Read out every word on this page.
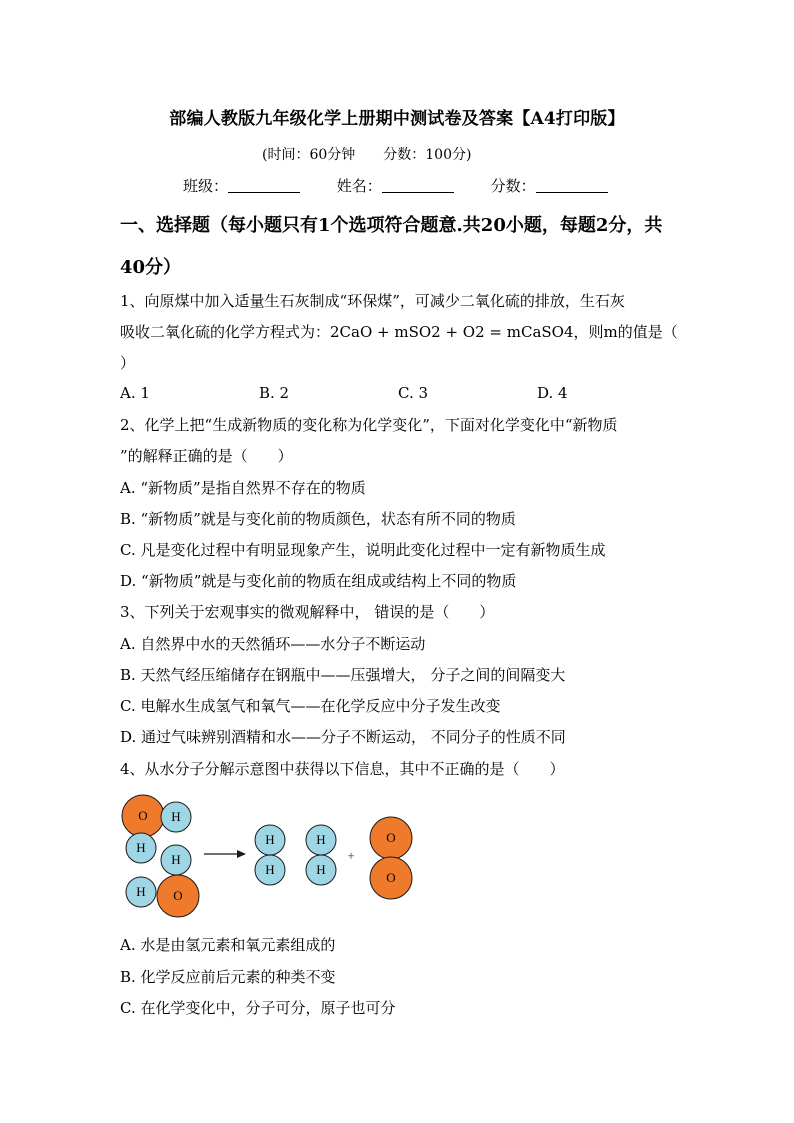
部编人教版九年级化学上册期中测试卷及答案【A4打印版】
(时间：60分钟　　分数：100分)
班级：	姓名：	分数：
一、选择题（每小题只有1个选项符合题意.共20小题，每题2分，共
40分）
1、向原煤中加入适量生石灰制成“环保煤”，可减少二氧化硫的排放，生石灰
吸收二氧化硫的化学方程式为：2CaO + mSO2 + O2 = mCaSO4，则m的值是（
）
A. 1	B. 2	C. 3	D. 4
2、化学上把“生成新物质的变化称为化学变化”，下面对化学变化中“新物质
”的解释正确的是（　　）
A. “新物质”是指自然界不存在的物质
B. “新物质”就是与变化前的物质颜色，状态有所不同的物质
C. 凡是变化过程中有明显现象产生，说明此变化过程中一定有新物质生成
D. “新物质”就是与变化前的物质在组成或结构上不同的物质
3、下列关于宏观事实的微观解释中， 错误的是（　　）
A. 自然界中水的天然循环——水分子不断运动
B. 天然气经压缩储存在钢瓶中——压强增大， 分子之间的间隔变大
C. 电解水生成氢气和氧气——在化学反应中分子发生改变
D. 通过气味辨别酒精和水——分子不断运动， 不同分子的性质不同
4、从水分子分解示意图中获得以下信息，其中不正确的是（　　）
O H
H
H
H O
H
H
H
H
+
O
O
A. 水是由氢元素和氧元素组成的
B. 化学反应前后元素的种类不变
C. 在化学变化中，分子可分，原子也可分
